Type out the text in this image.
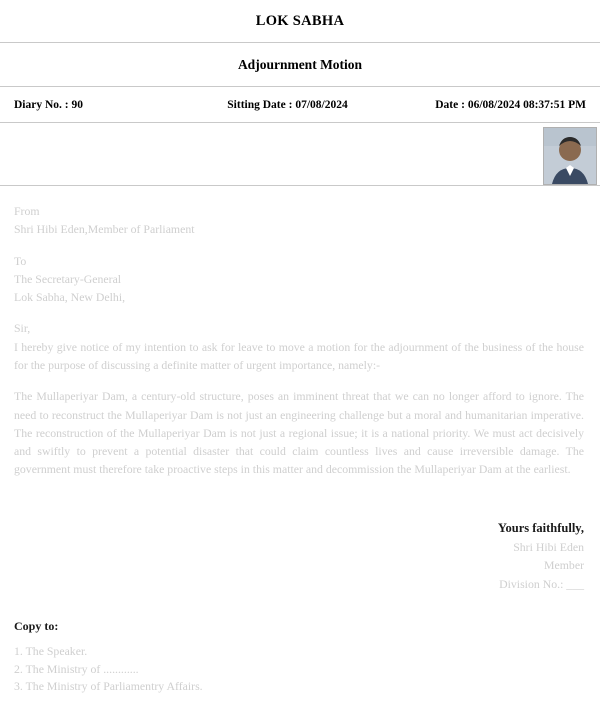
LOK SABHA
Adjournment Motion
Diary No. : 90	Sitting Date : 07/08/2024	Date : 06/08/2024 08:37:51 PM
From
Shri Hibi Eden,Member of Parliament
To
The Secretary-General
Lok Sabha, New Delhi,
Sir,
I hereby give notice of my intention to ask for leave to move a motion for the adjournment of the business of the house for the purpose of discussing a definite matter of urgent importance, namely:-
The Mullaperiyar Dam, a century-old structure, poses an imminent threat that we can no longer afford to ignore. The need to reconstruct the Mullaperiyar Dam is not just an engineering challenge but a moral and humanitarian imperative. The reconstruction of the Mullaperiyar Dam is not just a regional issue; it is a national priority. We must act decisively and swiftly to prevent a potential disaster that could claim countless lives and cause irreversible damage. The government must therefore take proactive steps in this matter and decommission the Mullaperiyar Dam at the earliest.
Yours faithfully,
Shri Hibi Eden
Member
Division No.: ___
Copy to:
1. The Speaker.
2. The Ministry of ............
3. The Ministry of Parliamentry Affairs.
